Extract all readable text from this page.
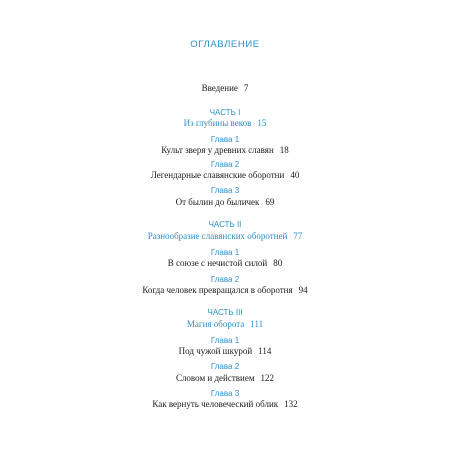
ОГЛАВЛЕНИЕ
Введение 7
ЧАСТЬ I
Из глубины веков 15
Глава 1
Культ зверя у древних славян 18
Глава 2
Легендарные славянские оборотни 40
Глава 3
От былин до быличек 69
ЧАСТЬ II
Разнообразие славянских оборотней 77
Глава 1
В союзе с нечистой силой 80
Глава 2
Когда человек превращался в оборотня 94
ЧАСТЬ III
Магия оборота 111
Глава 1
Под чужой шкурой 114
Глава 2
Словом и действием 122
Глава 3
Как вернуть человеческий облик 132
